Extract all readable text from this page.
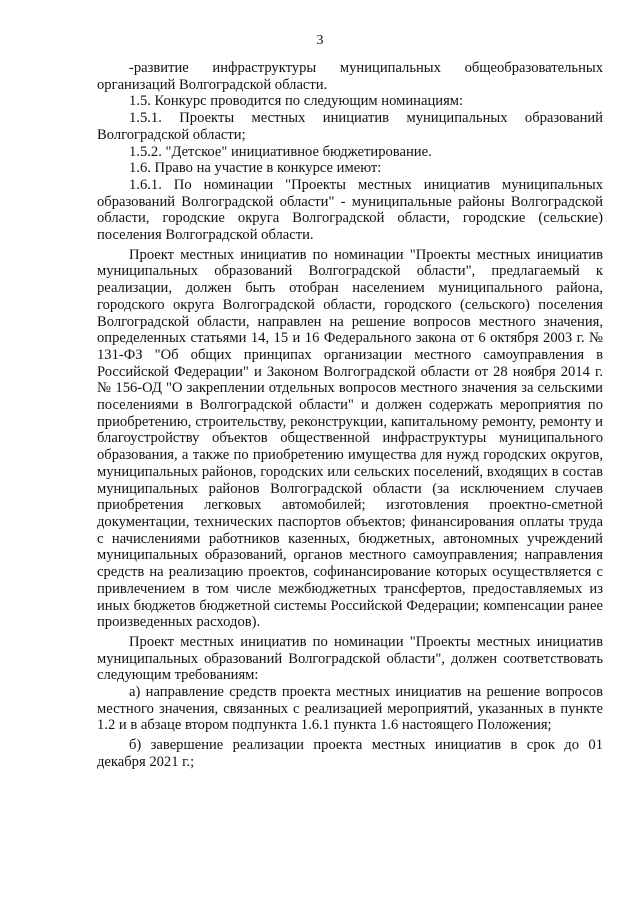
3

-развитие инфраструктуры муниципальных общеобразовательных организаций Волгоградской области.

1.5. Конкурс проводится по следующим номинациям:

1.5.1. Проекты местных инициатив муниципальных образований Волгоградской области;

1.5.2. "Детское" инициативное бюджетирование.

1.6. Право на участие в конкурсе имеют:

1.6.1. По номинации "Проекты местных инициатив муниципальных образований Волгоградской области" - муниципальные районы Волгоградской области, городские округа Волгоградской области, городские (сельские) поселения Волгоградской области.

Проект местных инициатив по номинации "Проекты местных инициатив муниципальных образований Волгоградской области", предлагаемый к реализации, должен быть отобран населением муниципального района, городского округа Волгоградской области, городского (сельского) поселения Волгоградской области, направлен на решение вопросов местного значения, определенных статьями 14, 15 и 16 Федерального закона от 6 октября 2003 г. № 131-ФЗ "Об общих принципах организации местного самоуправления в Российской Федерации" и Законом Волгоградской области от 28 ноября 2014 г. № 156-ОД "О закреплении отдельных вопросов местного значения за сельскими поселениями в Волгоградской области" и должен содержать мероприятия по приобретению, строительству, реконструкции, капитальному ремонту, ремонту и благоустройству объектов общественной инфраструктуры муниципального образования, а также по приобретению имущества для нужд городских округов, муниципальных районов, городских или сельских поселений, входящих в состав муниципальных районов Волгоградской области (за исключением случаев приобретения легковых автомобилей; изготовления проектно-сметной документации, технических паспортов объектов; финансирования оплаты труда с начислениями работников казенных, бюджетных, автономных учреждений муниципальных образований, органов местного самоуправления; направления средств на реализацию проектов, софинансирование которых осуществляется с привлечением в том числе межбюджетных трансфертов, предоставляемых из иных бюджетов бюджетной системы Российской Федерации; компенсации ранее произведенных расходов).

Проект местных инициатив по номинации "Проекты местных инициатив муниципальных образований Волгоградской области", должен соответствовать следующим требованиям:

а) направление средств проекта местных инициатив на решение вопросов местного значения, связанных с реализацией мероприятий, указанных в пункте 1.2 и в абзаце втором подпункта 1.6.1 пункта 1.6 настоящего Положения;

б) завершение реализации проекта местных инициатив в срок до 01 декабря 2021 г.;
